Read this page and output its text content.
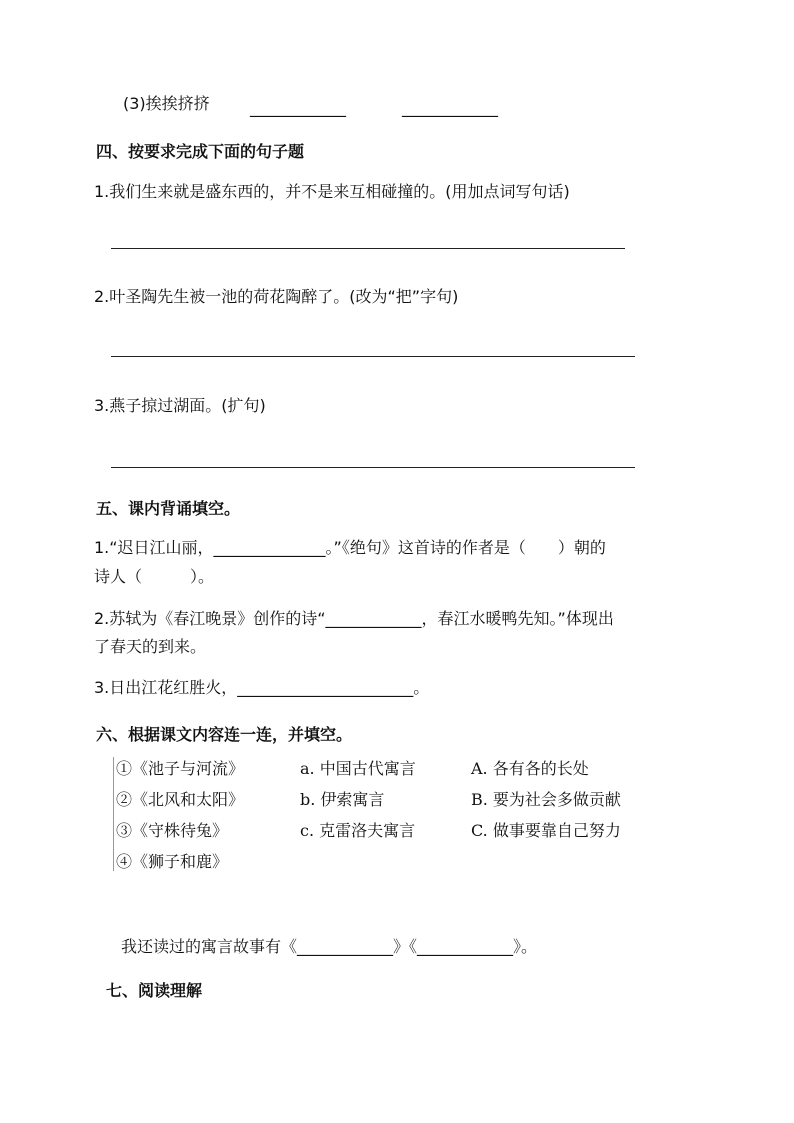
(3)挨挨挤挤	____________	____________
四、按要求完成下面的句子题
1.我们生来就是盛东西的，并不是来互相碰撞的。(用加点词写句话)
2.叶圣陶先生被一池的荷花陶醉了。(改为“把”字句)
3.燕子掠过湖面。(扩句)
五、课内背诵填空。
1.“迟日江山丽，______________。”《绝句》这首诗的作者是（　　）朝的
诗人（　　　）。
2.苏轼为《春江晚景》创作的诗“____________，春江水暖鸭先知。”体现出
了春天的到来。
3.日出江花红胜火，______________________。
六、根据课文内容连一连，并填空。
①《池子与河流》
②《北风和太阳》
③《守株待兔》
④《狮子和鹿》
a. 中国古代寓言
b. 伊索寓言
c. 克雷洛夫寓言
A. 各有各的长处
B. 要为社会多做贡献
C. 做事要靠自己努力
我还读过的寓言故事有《____________》《____________》。
七、阅读理解
